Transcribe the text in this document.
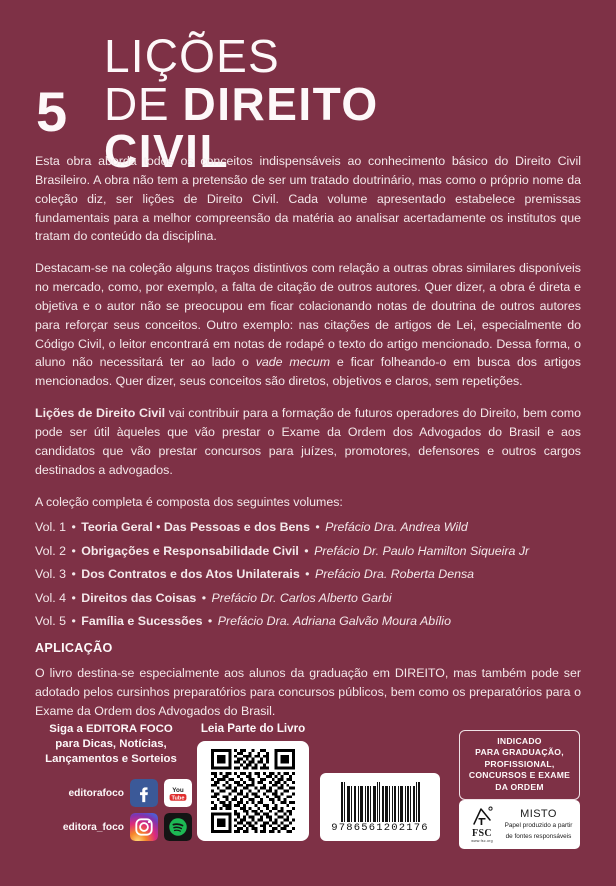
5
LIÇÕES
DE DIREITO
CIVIL

Esta obra aborda todos os conceitos indispensáveis ao conhecimento básico do Direito Civil Brasileiro. A obra não tem a pretensão de ser um tratado doutrinário, mas como o próprio nome da coleção diz, ser lições de Direito Civil. Cada volume apresentado estabelece premissas fundamentais para a melhor compreensão da matéria ao analisar acertadamente os institutos que tratam do conteúdo da disciplina.

Destacam-se na coleção alguns traços distintivos com relação a outras obras similares disponíveis no mercado, como, por exemplo, a falta de citação de outros autores. Quer dizer, a obra é direta e objetiva e o autor não se preocupou em ficar colacionando notas de doutrina de outros autores para reforçar seus conceitos. Outro exemplo: nas citações de artigos de Lei, especialmente do Código Civil, o leitor encontrará em notas de rodapé o texto do artigo mencionado. Dessa forma, o aluno não necessitará ter ao lado o vade mecum e ficar folheando-o em busca dos artigos mencionados. Quer dizer, seus conceitos são diretos, objetivos e claros, sem repetições.

Lições de Direito Civil vai contribuir para a formação de futuros operadores do Direito, bem como pode ser útil àqueles que vão prestar o Exame da Ordem dos Advogados do Brasil e aos candidatos que vão prestar concursos para juízes, promotores, defensores e outros cargos destinados a advogados.

A coleção completa é composta dos seguintes volumes:

Vol. 1 • Teoria Geral • Das Pessoas e dos Bens • Prefácio Dra. Andrea Wild
Vol. 2 • Obrigações e Responsabilidade Civil • Prefácio Dr. Paulo Hamilton Siqueira Jr
Vol. 3 • Dos Contratos e dos Atos Unilaterais • Prefácio Dra. Roberta Densa
Vol. 4 • Direitos das Coisas • Prefácio Dr. Carlos Alberto Garbi
Vol. 5 • Família e Sucessões • Prefácio Dra. Adriana Galvão Moura Abílio
APLICAÇÃO

O livro destina-se especialmente aos alunos da graduação em DIREITO, mas também pode ser adotado pelos cursinhos preparatórios para concursos públicos, bem como os preparatórios para o Exame da Ordem dos Advogados do Brasil.

Siga a EDITORA FOCO
para Dicas, Notícias,
Lançamentos e Sorteios
editorafoco	You
Tube
editora_foco
Leia Parte do Livro
9786561202176
INDICADO
PARA GRADUAÇÃO,
PROFISSIONAL,
CONCURSOS E EXAME
DA ORDEM
FSC
www.fsc.org
MISTO
Papel produzido a partir
de fontes responsáveis
